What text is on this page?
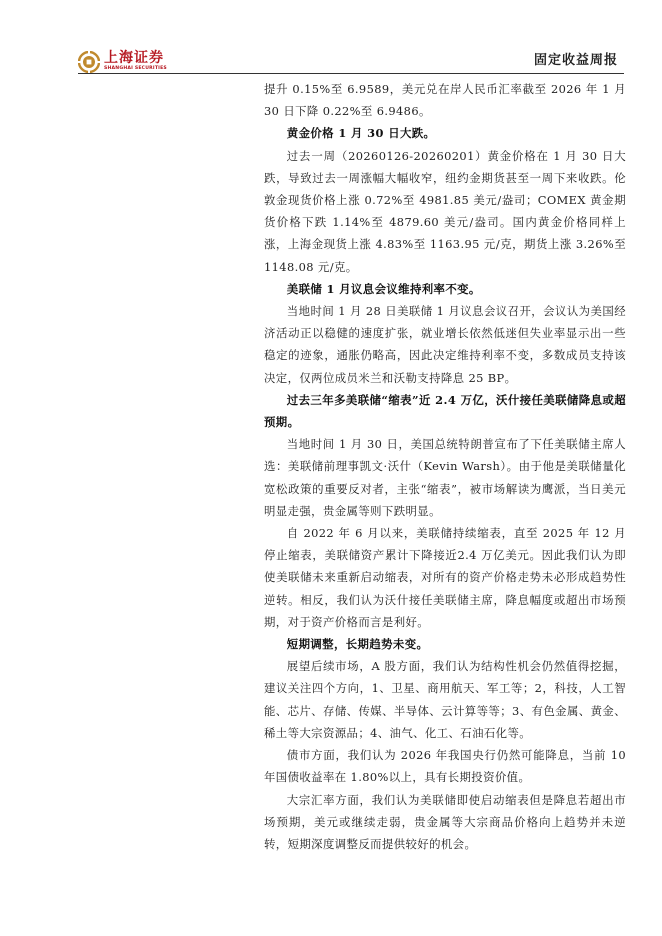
上海证券
SHANGHAI SECURITIES
固定收益周报

提升 0.15%至 6.9589，美元兑在岸人民币汇率截至 2026 年 1 月 30 日下降 0.22%至 6.9486。

黄金价格 1 月 30 日大跌。

过去一周（20260126-20260201）黄金价格在 1 月 30 日大跌，导致过去一周涨幅大幅收窄，纽约金期货甚至一周下来收跌。伦敦金现货价格上涨 0.72%至 4981.85 美元/盎司；COMEX 黄金期货价格下跌 1.14%至 4879.60 美元/盎司。国内黄金价格同样上涨，上海金现货上涨 4.83%至 1163.95 元/克，期货上涨 3.26%至 1148.08 元/克。

美联储 1 月议息会议维持利率不变。

当地时间 1 月 28 日美联储 1 月议息会议召开，会议认为美国经济活动正以稳健的速度扩张，就业增长依然低迷但失业率显示出一些稳定的迹象，通胀仍略高，因此决定维持利率不变，多数成员支持该决定，仅两位成员米兰和沃勒支持降息 25 BP。

过去三年多美联储“缩表”近 2.4 万亿，沃什接任美联储降息或超预期。

当地时间 1 月 30 日，美国总统特朗普宣布了下任美联储主席人选：美联储前理事凯文·沃什（Kevin Warsh）。由于他是美联储量化宽松政策的重要反对者，主张“缩表”，被市场解读为鹰派，当日美元明显走强，贵金属等则下跌明显。

自 2022 年 6 月以来，美联储持续缩表，直至 2025 年 12 月停止缩表，美联储资产累计下降接近2.4 万亿美元。因此我们认为即使美联储未来重新启动缩表，对所有的资产价格走势未必形成趋势性逆转。相反，我们认为沃什接任美联储主席，降息幅度或超出市场预期，对于资产价格而言是利好。

短期调整，长期趋势未变。

展望后续市场，A 股方面，我们认为结构性机会仍然值得挖掘，建议关注四个方向，1、卫星、商用航天、军工等；2，科技，人工智能、芯片、存储、传媒、半导体、云计算等等；3、有色金属、黄金、稀土等大宗资源品；4、油气、化工、石油石化等。

债市方面，我们认为 2026 年我国央行仍然可能降息，当前 10 年国债收益率在 1.80%以上，具有长期投资价值。

大宗汇率方面，我们认为美联储即使启动缩表但是降息若超出市场预期，美元或继续走弱，贵金属等大宗商品价格向上趋势并未逆转，短期深度调整反而提供较好的机会。
